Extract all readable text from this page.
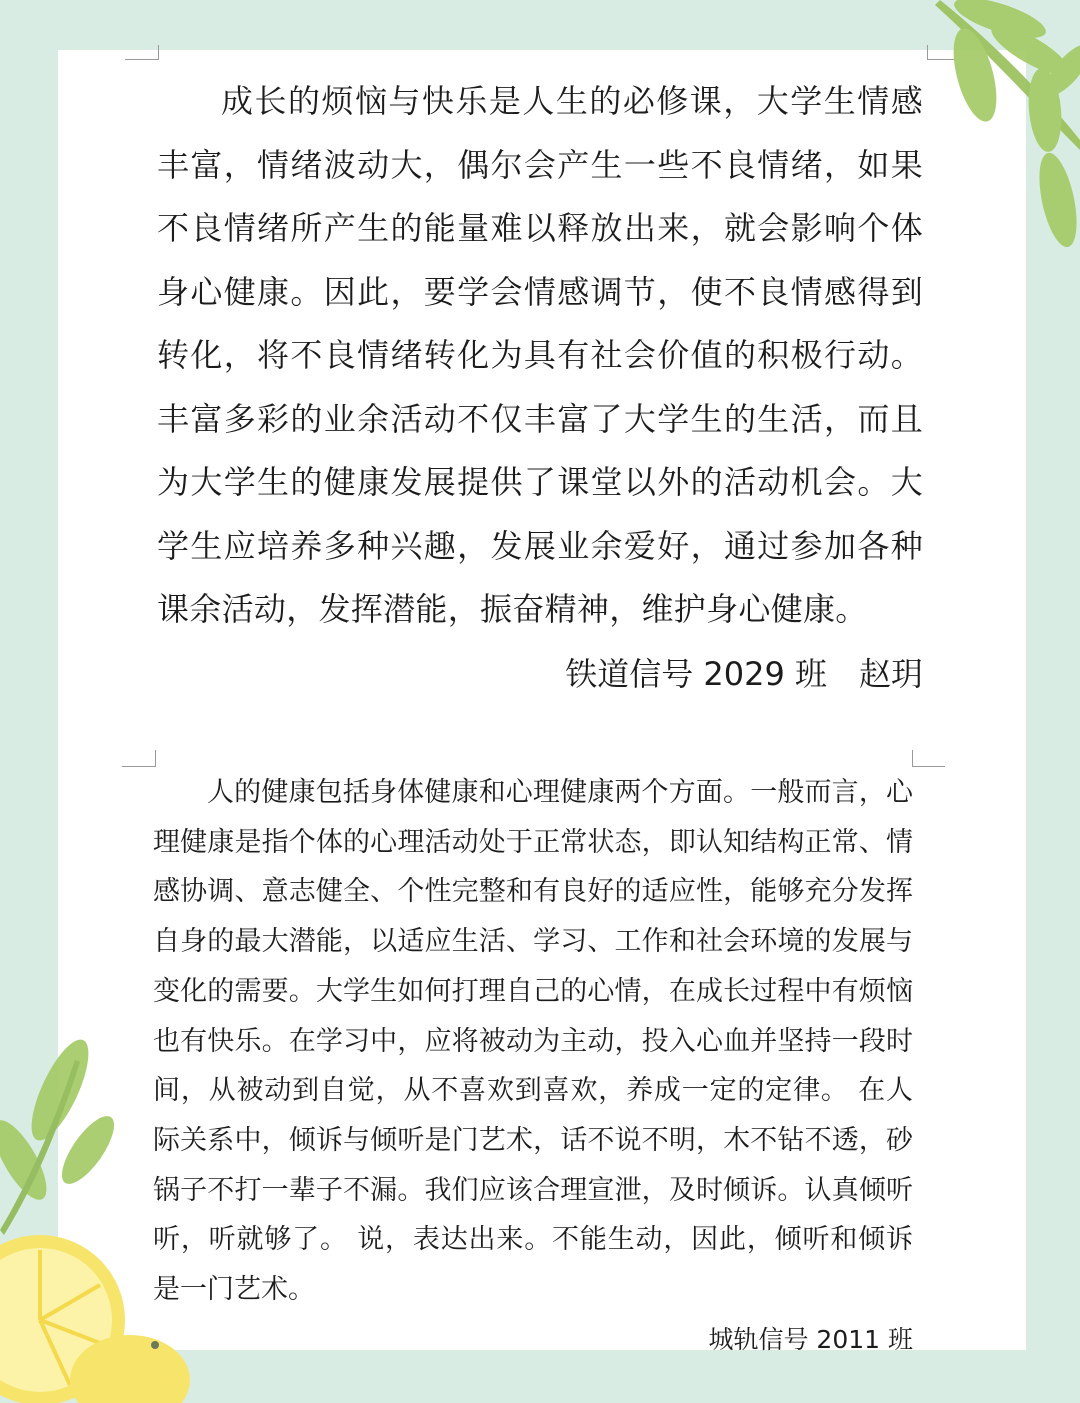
成长的烦恼与快乐是人生的必修课，大学生情感丰富，情绪波动大，偶尔会产生一些不良情绪，如果不良情绪所产生的能量难以释放出来，就会影响个体身心健康。因此，要学会情感调节，使不良情感得到转化，将不良情绪转化为具有社会价值的积极行动。丰富多彩的业余活动不仅丰富了大学生的生活，而且为大学生的健康发展提供了课堂以外的活动机会。大学生应培养多种兴趣，发展业余爱好，通过参加各种课余活动，发挥潜能，振奋精神，维护身心健康。

铁道信号 2029 班　赵玥

人的健康包括身体健康和心理健康两个方面。一般而言，心理健康是指个体的心理活动处于正常状态，即认知结构正常、情感协调、意志健全、个性完整和有良好的适应性，能够充分发挥自身的最大潜能，以适应生活、学习、工作和社会环境的发展与变化的需要。大学生如何打理自己的心情，在成长过程中有烦恼也有快乐。在学习中，应将被动为主动，投入心血并坚持一段时间，从被动到自觉，从不喜欢到喜欢，养成一定的定律。 在人际关系中，倾诉与倾听是门艺术，话不说不明，木不钻不透，砂锅子不打一辈子不漏。我们应该合理宣泄，及时倾诉。认真倾听听，听就够了。 说，表达出来。不能生动，因此，倾听和倾诉是一门艺术。

城轨信号 2011 班
